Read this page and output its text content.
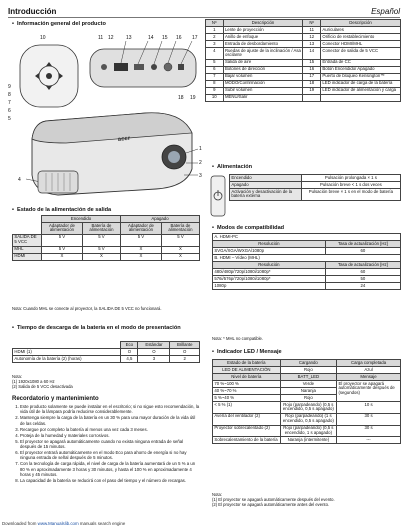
Introducción	Español
• Información general del producto
10	11 12 13	14 15 16 17
9
8
7
6
5
18 19
acer
1
2
3
4
Nº	Descripción	Nº	Descripción
1	Lente de proyección	11	Auriculares
2	Anillo de enfoque	12	Orificio de restablecimiento
3	Entrada de desbordamiento	13	Conector HDMI/MHL
4	Ruedas de ajuste de la inclinación / Asa oscilante	14	Conector de salida de 5 VCC
5	Salida de aire	15	Entrada de CC
6	Botones de dirección	16	Botón Encendido/ Apagado
7	Bajar volumen	17	Puerto de bloqueo Kensington™
8	MODO/Confirmación	18	LED indicador de carga de la batería
9	Subir volumen	19	LED indicador de alimentación y carga
10	MENÚ/Salir		
• Estado de la alimentación de salida
	Encendido		Apagado	
	Adaptador de alimentación	Batería de alimentación	Adaptador de alimentación	Batería de alimentación
SALIDA DE 5 VCC	5 V	5 V	5 V	5 V
MHL	5 V	5 V	X	X
HDMI	X	X	X	X
Nota: Cuando MHL se conecte al proyector, la SALIDA DE 5 VCC no funcionará.
• Tiempo de descarga de la batería en el modo de presentación
	Eco	Estándar	Brillante
HDMI (1)	O	O	O
Autonomía de la batería (2) (horas)	4,5	3	2
Nota:
(1) 1920x1080 a 60 Hz
(2) Salida de 5 VCC desactivada
Recordatorio y mantenimiento
1. Este producto solamente se puede instalar en el escritorio; si no sigue esto recomendación, la vida útil de la lámpara podría reducirse considerablemente.
2. Mantenga siempre la carga de la batería en un 30 % para una mayor duración de la vida útil de las celdas.
3. Recargue por completo la batería al menos una vez cada 3 meses.
4. Proteja de la humedad y materiales corrosivos.
5. El proyector se apagará automáticamente cuando no exista ninguna entrada de señal después de 15 minutos.
6. El proyector entrará automáticamente en el modo Eco para ahorro de energía si no hay ninguna entrada de señal después de 5 minutos.
7. Con la tecnología de carga rápida, el nivel de carga de la batería aumentará de un 5 % a un 80 % en aproximadamente 3 horas y 30 minutos, y hasta el 100 % en aproximadamente 4 horas y 45 minutos.
8. La capacidad de la batería se reducirá con el paso del tiempo y el número de recargas.
• Alimentación
Encendido	Pulsación prolongada × 1 s
Apagado	Pulsación breve < 1 s dos veces
Activación y desactivación de la batería externa	Pulsación breve × 1 s en el modo de batería
• Modos de compatibilidad
A. HDMI-PC	
Resolución	Tasa de actualización [Hz]
SVGA/XGA/WXGA/1080p	60
B. HDMI – Vídeo (MHL)	
Resolución	Tasa de actualización [Hz]
480i/480p/720p/1080i/1080p*	60
576i/576p/720p/1080i/1080p*	50
1080p	24
Nota: * MHL no compatible.
• Indicador LED / Mensaje
Estado de la batería	Cargando	Carga completada
LED DE ALIMENTACIÓN	Rojo	Azul
Nivel de batería	BATT_LED	Mensaje
70 %~100 %	Verde	El proyector se apagará automáticamente después de (segundos)
40 %~70 %	Naranja	
5 %~40 %	Rojo	
< 5 % (1)	Rojo (parpadeando) (0,5 s encendido, 0,5 s apagado)	10 s
Avería del ventilador (2)	Rojo (parpadeando) (1 s encendido, 0,5 s apagado)	30 s
Proyector sobrecalentado (2)	Rojo (parpadeando) (0,5 s encendido, 1 s apagado)	30 s
Sobrecalentamiento de la batería	Naranja (intermitente)	---
Nota:
(1) El proyector se apagará automáticamente después del evento.
(2) El proyector se apagará automáticamente antes del evento.
Downloaded from www.Manualslib.com manuals search engine
